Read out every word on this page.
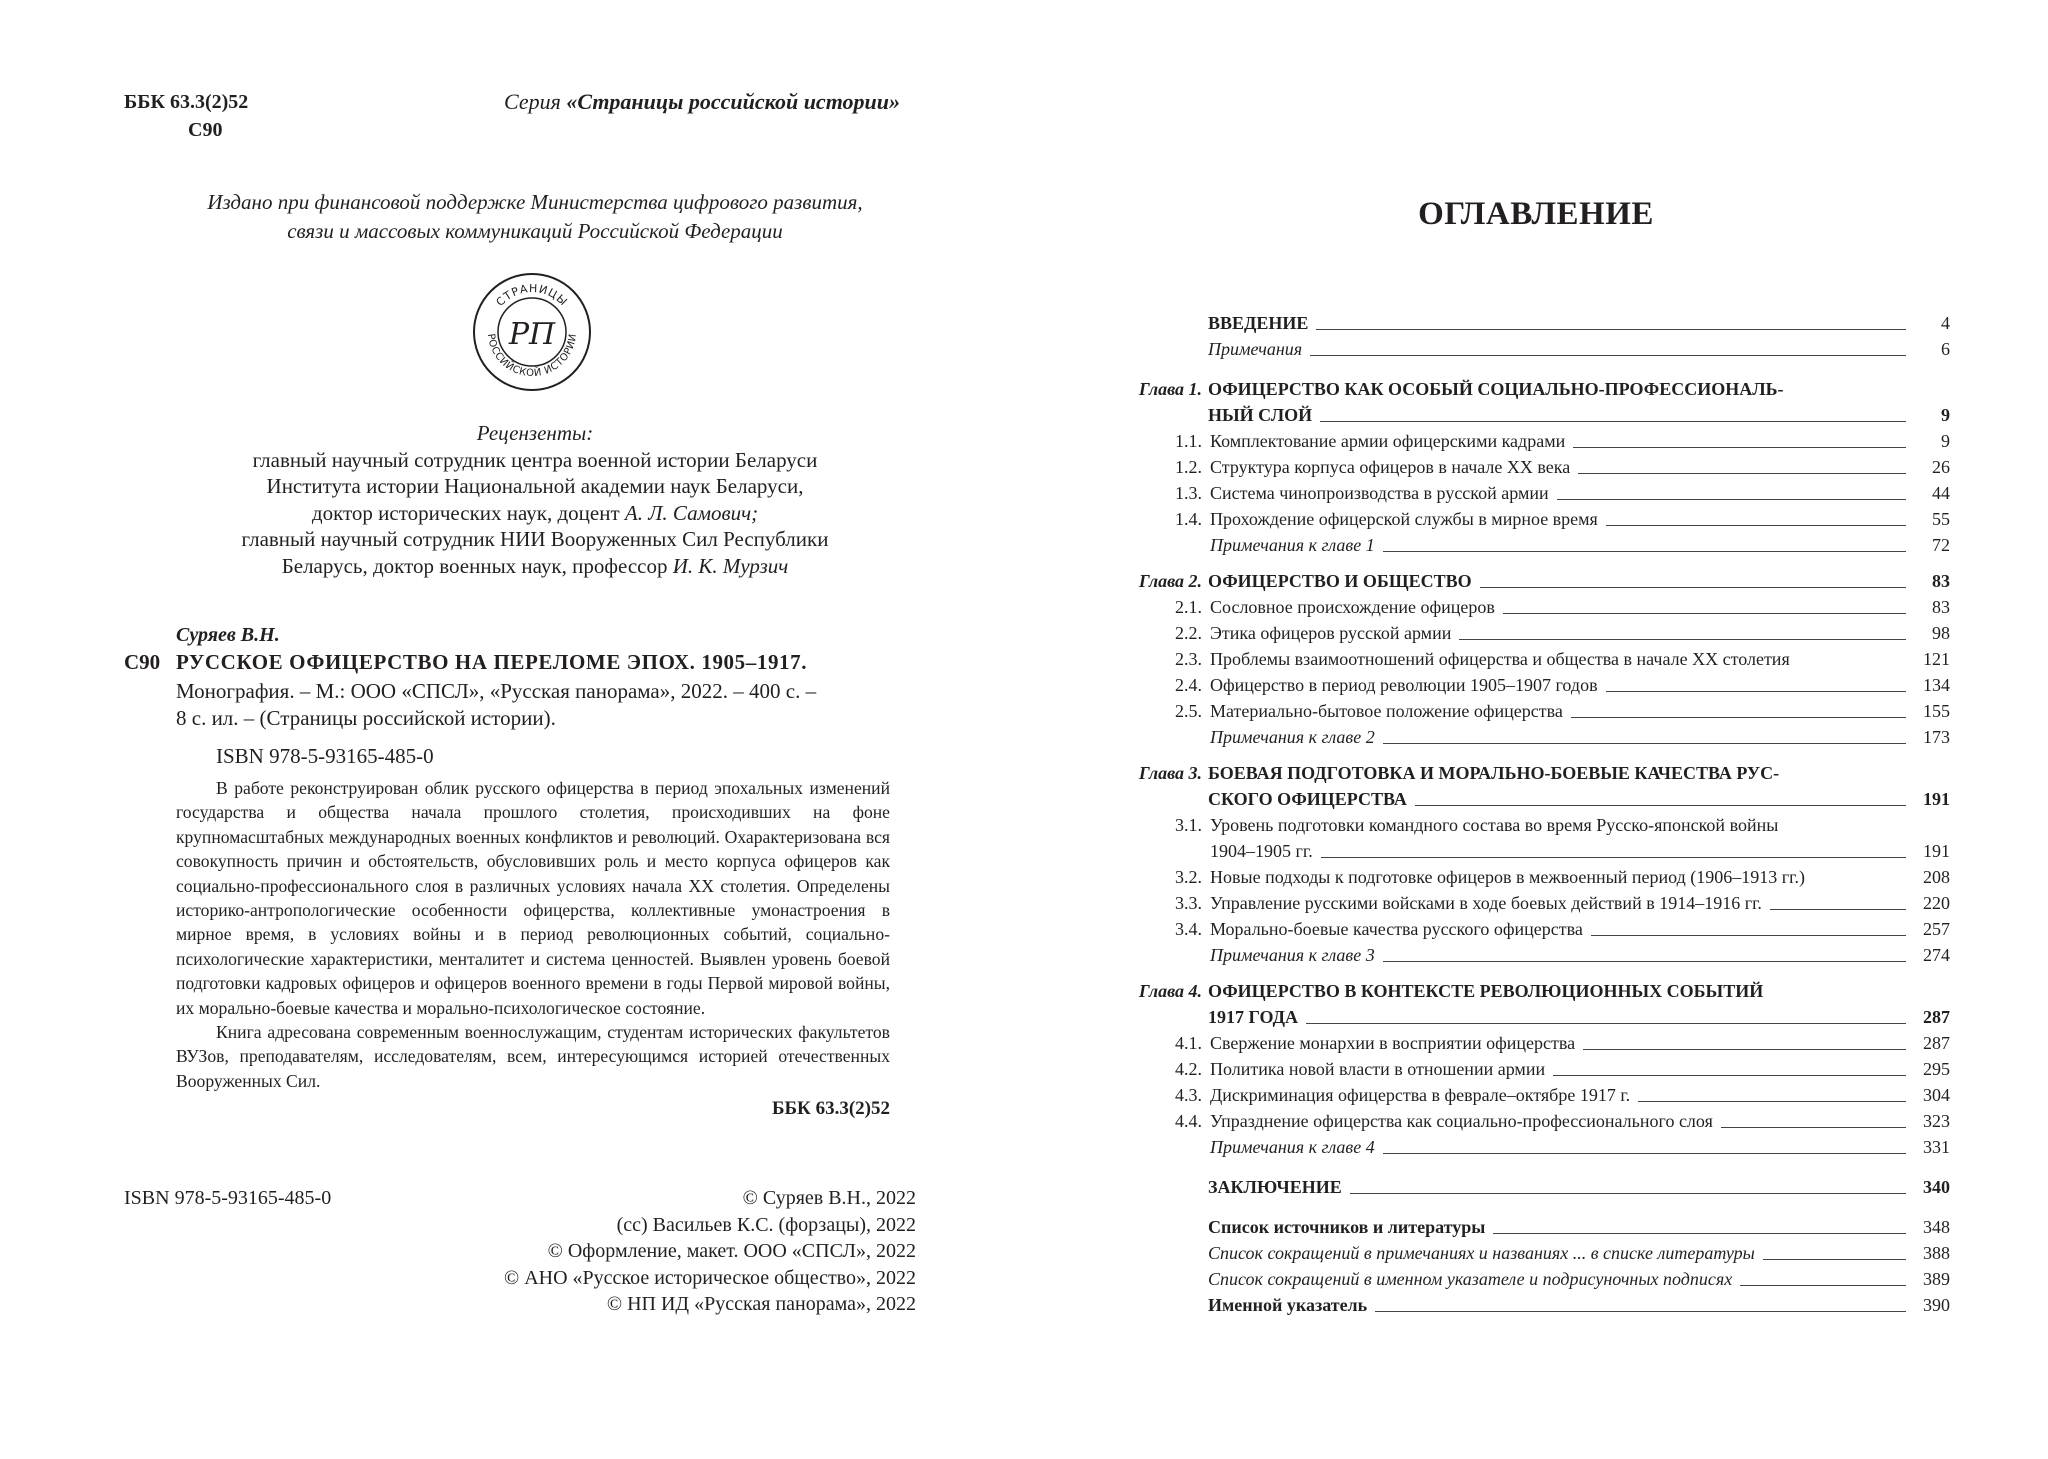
ББК 63.3(2)52
С90
Серия «Страницы российской истории»
Издано при финансовой поддержке Министерства цифрового развития,
связи и массовых коммуникаций Российской Федерации
СТРАНИЦЫ
РОССИЙСКОЙ ИСТОРИИ
РП
Рецензенты:
главный научный сотрудник центра военной истории Беларуси
Института истории Национальной академии наук Беларуси,
доктор исторических наук, доцент А. Л. Самович;
главный научный сотрудник НИИ Вооруженных Сил Республики
Беларусь, доктор военных наук, профессор И. К. Мурзич
Суряев В.Н.
С90 РУССКОЕ ОФИЦЕРСТВО НА ПЕРЕЛОМЕ ЭПОХ. 1905–1917.
Монография. – М.: ООО «СПСЛ», «Русская панорама», 2022. – 400 с. –
8 с. ил. – (Страницы российской истории).
ISBN 978-5-93165-485-0

В работе реконструирован облик русского офицерства в период эпохальных изменений государства и общества начала прошлого столетия, происходивших на фоне крупномасштабных международных военных конфликтов и революций. Охарактеризована вся совокупность причин и обстоятельств, обусловивших роль и место корпуса офицеров как социально-профессионального слоя в различных условиях начала XX столетия. Определены историко-антропологические особенности офицерства, коллективные умонастроения в мирное время, в условиях войны и в период революционных событий, социально-психологические характеристики, менталитет и система ценностей. Выявлен уровень боевой подготовки кадровых офицеров и офицеров военного времени в годы Первой мировой войны, их морально-боевые качества и морально-психологическое состояние.

Книга адресована современным военнослужащим, студентам исторических факультетов ВУЗов, преподавателям, исследователям, всем, интересующимся историей отечественных Вооруженных Сил.

ББК 63.3(2)52

ISBN 978-5-93165-485-0	© Суряев В.Н., 2022
(cc) Васильев К.С. (форзацы), 2022
© Оформление, макет. ООО «СПСЛ», 2022
© АНО «Русское историческое общество», 2022
© НП ИД «Русская панорама», 2022
ОГЛАВЛЕНИЕ
ВВЕДЕНИЕ	4
Примечания	6
Глава 1. ОФИЦЕРСТВО КАК ОСОБЫЙ СОЦИАЛЬНО-ПРОФЕССИОНАЛЬ-
НЫЙ СЛОЙ	9
1.1. Комплектование армии офицерскими кадрами	9
1.2. Структура корпуса офицеров в начале XX века	26
1.3. Система чинопроизводства в русской армии	44
1.4. Прохождение офицерской службы в мирное время	55
Примечания к главе 1	72
Глава 2. ОФИЦЕРСТВО И ОБЩЕСТВО	83
2.1. Сословное происхождение офицеров	83
2.2. Этика офицеров русской армии	98
2.3. Проблемы взаимоотношений офицерства и общества в начале XX столетия	121
2.4. Офицерство в период революции 1905–1907 годов	134
2.5. Материально-бытовое положение офицерства	155
Примечания к главе 2	173
Глава 3. БОЕВАЯ ПОДГОТОВКА И МОРАЛЬНО-БОЕВЫЕ КАЧЕСТВА РУС-
СКОГО ОФИЦЕРСТВА	191
3.1. Уровень подготовки командного состава во время Русско-японской войны
1904–1905 гг.	191
3.2. Новые подходы к подготовке офицеров в межвоенный период (1906–1913 гг.)	208
3.3. Управление русскими войсками в ходе боевых действий в 1914–1916 гг.	220
3.4. Морально-боевые качества русского офицерства	257
Примечания к главе 3	274
Глава 4. ОФИЦЕРСТВО В КОНТЕКСТЕ РЕВОЛЮЦИОННЫХ СОБЫТИЙ
1917 ГОДА	287
4.1. Свержение монархии в восприятии офицерства	287
4.2. Политика новой власти в отношении армии	295
4.3. Дискриминация офицерства в феврале–октябре 1917 г.	304
4.4. Упразднение офицерства как социально-профессионального слоя	323
Примечания к главе 4	331
ЗАКЛЮЧЕНИЕ	340
Список источников и литературы	348
Список сокращений в примечаниях и названиях ... в списке литературы	388
Список сокращений в именном указателе и подрисуночных подписях	389
Именной указатель	390
